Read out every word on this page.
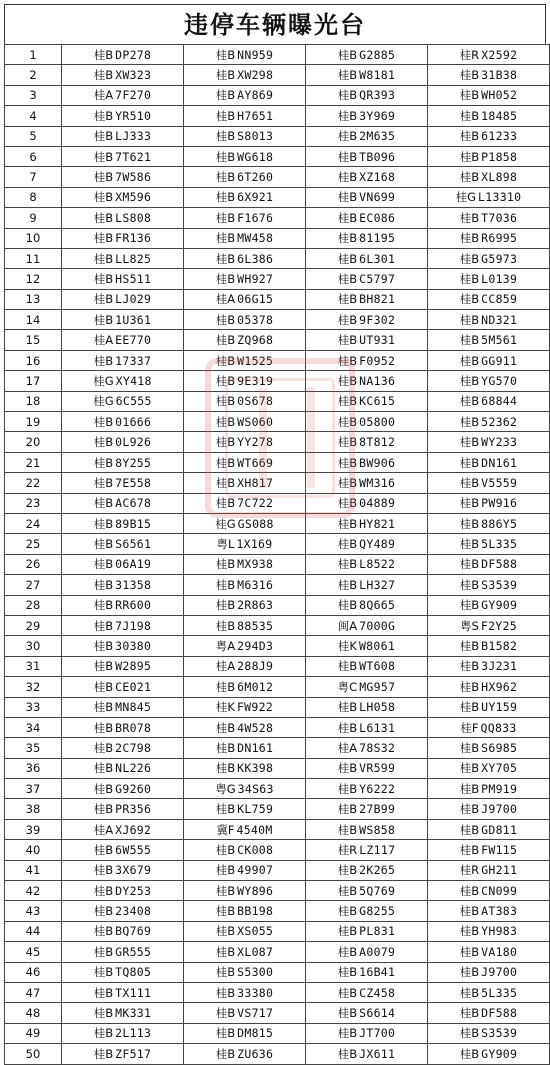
违停车辆曝光台
1	桂B DP278	桂B NN959	桂B G2885	桂R X2592
2	桂B XW323	桂B XW298	桂B W8181	桂B 31B38
3	桂A 7F270	桂B AY869	桂B QR393	桂B WH052
4	桂B YR510	桂B H7651	桂B 3Y969	桂B 18485
5	桂B LJ333	桂B S8013	桂B 2M635	桂B 61233
6	桂B 7T621	桂B WG618	桂B TB096	桂B P1858
7	桂B 7W586	桂B 6T260	桂B XZ168	桂B XL898
8	桂B XM596	桂B 6X921	桂B VN699	桂G L13310
9	桂B LS808	桂B F1676	桂B EC086	桂B T7036
10	桂B FR136	桂B MW458	桂B 81195	桂B R6995
11	桂B LL825	桂B 6L386	桂B 6L301	桂B G5973
12	桂B HS511	桂B WH927	桂B C5797	桂B L0139
13	桂B LJ029	桂A 06G15	桂B BH821	桂B CC859
14	桂B 1U361	桂B 05378	桂B 9F302	桂B ND321
15	桂A EE770	桂B ZQ968	桂B UT931	桂B 5M561
16	桂B 17337	桂B W1525	桂B F0952	桂B GG911
17	桂G XY418	桂B 9E319	桂B NA136	桂B YG570
18	桂G 6C555	桂B 0S678	桂B KC615	桂B 68844
19	桂B 01666	桂B WS060	桂B 05800	桂B 52362
20	桂B 0L926	桂B YY278	桂B 8T812	桂B WY233
21	桂B 8Y255	桂B WT669	桂B BW906	桂B DN161
22	桂B 7E558	桂B XH817	桂B WM316	桂B V5559
23	桂B AC678	桂B 7C722	桂B 04889	桂B PW916
24	桂B 89B15	桂G GS088	桂B HY821	桂B 886Y5
25	桂B S6561	粤L 1X169	桂B QY489	桂B 5L335
26	桂B 06A19	桂B MX938	桂B L8522	桂B DF588
27	桂B 31358	桂B M6316	桂B LH327	桂B S3539
28	桂B RR600	桂B 2R863	桂B 8Q665	桂B GY909
29	桂B 7J198	桂B 88535	闽A 7000G	粤S F2Y25
30	桂B 30380	粤A 294D3	桂K W8061	桂B B1582
31	桂B W2895	桂A 288J9	桂B WT608	桂B 3J231
32	桂B CE021	桂B 6M012	粤C MG957	桂B HX962
33	桂B MN845	桂K FW922	桂B LH058	桂B UY159
34	桂B BR078	桂B 4W528	桂B L6131	桂F QQ833
35	桂B 2C798	桂B DN161	桂A 78S32	桂B S6985
36	桂B NL226	桂B KK398	桂B VR599	桂B XY705
37	桂B G9260	粤G 34S63	桂B Y6222	桂B PM919
38	桂B PR356	桂B KL759	桂B 27B99	桂B J9700
39	桂A XJ692	冀F 4540M	桂B WS858	桂B GD811
40	桂B 6W555	桂B CK008	桂R LZ117	桂B FW115
41	桂B 3X679	桂B 49907	桂B 2K265	桂R GH211
42	桂B DY253	桂B WY896	桂B 5Q769	桂B CN099
43	桂B 23408	桂B BB198	桂B G8255	桂B AT383
44	桂B BQ769	桂B XS055	桂B PL831	桂B YH983
45	桂B GR555	桂B XL087	桂B A0079	桂B VA180
46	桂B TQ805	桂B S5300	桂B 16B41	桂B J9700
47	桂B TX111	桂B 33380	桂B CZ458	桂B 5L335
48	桂B MK331	桂B VS717	桂B S6614	桂B DF588
49	桂B 2L113	桂B DM815	桂B JT700	桂B S3539
50	桂B ZF517	桂B ZU636	桂B JX611	桂B GY909
